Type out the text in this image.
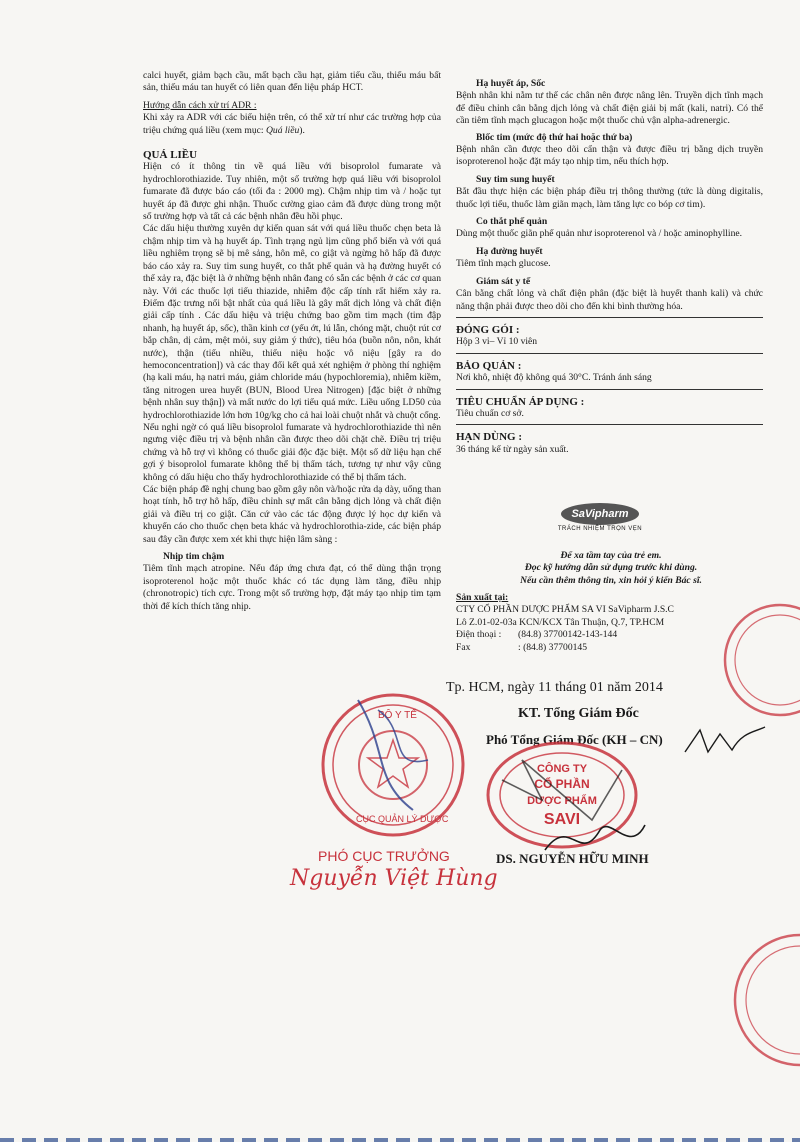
calci huyết, giảm bạch cầu, mất bạch cầu hạt, giảm tiểu cầu, thiếu máu bất sản, thiếu máu tan huyết có liên quan đến liệu pháp HCT.

Hướng dẫn cách xử trí ADR :

Khi xảy ra ADR với các biểu hiện trên, có thể xử trí như các trường hợp của triệu chứng quá liều (xem mục: Quá liều).

QUÁ LIỀU

Hiện có ít thông tin về quá liều với bisoprolol fumarate và hydrochlorothiazide. Tuy nhiên, một số trường hợp quá liều với bisoprolol fumarate đã được báo cáo (tối đa : 2000 mg). Chậm nhịp tim và / hoặc tụt huyết áp đã được ghi nhận. Thuốc cường giao cảm đã được dùng trong một số trường hợp và tất cả các bệnh nhân đều hồi phục.

Các dấu hiệu thường xuyên dự kiến quan sát với quá liều thuốc chẹn beta là chậm nhịp tim và hạ huyết áp. Tình trạng ngủ lịm cũng phổ biến và với quá liều nghiêm trọng sẽ bị mê sảng, hôn mê, co giật và ngừng hô hấp đã được báo cáo xảy ra. Suy tim sung huyết, co thắt phế quản và hạ đường huyết có thể xảy ra, đặc biệt là ở những bệnh nhân đang có sẵn các bệnh ở các cơ quan này. Với các thuốc lợi tiểu thiazide, nhiễm độc cấp tính rất hiếm xảy ra. Điểm đặc trưng nổi bật nhất của quá liều là gây mất dịch lỏng và chất điện giải cấp tính . Các dấu hiệu và triệu chứng bao gồm tim mạch (tim đập nhanh, hạ huyết áp, sốc), thần kinh cơ (yếu ớt, lú lẫn, chóng mặt, chuột rút cơ bắp chân, dị cảm, mệt mỏi, suy giảm ý thức), tiêu hóa (buồn nôn, nôn, khát nước), thận (tiểu nhiều, thiểu niệu hoặc vô niệu [gây ra do hemoconcentration]) và các thay đổi kết quả xét nghiệm ở phòng thí nghiệm (hạ kali máu, hạ natri máu, giảm chloride máu (hypochloremia), nhiễm kiềm, tăng nitrogen urea huyết (BUN, Blood Urea Nitrogen) [đặc biệt ở những bệnh nhân suy thận]) và mất nước do lợi tiểu quá mức. Liều uống LD50 của hydrochlorothiazide lớn hơn 10g/kg cho cả hai loài chuột nhắt và chuột cống.

Nếu nghi ngờ có quá liều bisoprolol fumarate và hydrochlorothiazide thì nên ngưng việc điều trị và bệnh nhân cần được theo dõi chặt chẽ. Điều trị triệu chứng và hỗ trợ vì không có thuốc giải độc đặc biệt. Một số dữ liệu hạn chế gợi ý bisoprolol fumarate không thể bị thẩm tách, tương tự như vậy cũng không có dấu hiệu cho thấy hydrochlorothiazide có thể bị thẩm tách.

Các biện pháp đề nghị chung bao gồm gây nôn và/hoặc rửa dạ dày, uống than hoạt tính, hỗ trợ hô hấp, điều chỉnh sự mất cân bằng dịch lỏng và chất điện giải và điều trị co giật. Căn cứ vào các tác động được lý học dự kiến và khuyến cáo cho thuốc chẹn beta khác và hydrochlorothia-zide, các biện pháp sau đây cần được xem xét khi thực hiện lâm sàng :

Nhịp tim chậm

Tiêm tĩnh mạch atropine. Nếu đáp ứng chưa đạt, có thể dùng thận trọng isoproterenol hoặc một thuốc khác có tác dụng làm tăng, điều nhịp (chronotropic) tích cực. Trong một số trường hợp, đặt máy tạo nhịp tim tạm thời để kích thích tăng nhịp.

Hạ huyết áp, Sốc

Bệnh nhân khi nằm tư thế các chân nên được nâng lên. Truyền dịch tĩnh mạch để điều chỉnh cân bằng dịch lỏng và chất điện giải bị mất (kali, natri). Có thể cần tiêm tĩnh mạch glucagon hoặc một thuốc chủ vận alpha-adrenergic.

Blốc tim (mức độ thứ hai hoặc thứ ba)

Bệnh nhân cần được theo dõi cẩn thận và được điều trị bằng dịch truyền isoproterenol hoặc đặt máy tạo nhịp tim, nếu thích hợp.

Suy tim sung huyết

Bắt đầu thực hiện các biện pháp điều trị thông thường (tức là dùng digitalis, thuốc lợi tiểu, thuốc làm giãn mạch, làm tăng lực co bóp cơ tim).

Co thắt phế quản

Dùng một thuốc giãn phế quản như isoproterenol và / hoặc aminophylline.

Hạ đường huyết

Tiêm tĩnh mạch glucose.

Giám sát y tế

Cân bằng chất lỏng và chất điện phân (đặc biệt là huyết thanh kali) và chức năng thận phải được theo dõi cho đến khi bình thường hóa.

ĐÓNG GÓI :

Hộp 3 vỉ– Vỉ 10 viên

BẢO QUẢN :

Nơi khô, nhiệt độ không quá 30°C. Tránh ánh sáng

TIÊU CHUẨN ÁP DỤNG :

Tiêu chuẩn cơ sở.

HẠN DÙNG :

36 tháng kể từ ngày sản xuất.

SaVipharm
TRÁCH NHIỆM TRỌN VẸN

Để xa tầm tay của trẻ em.

Đọc kỹ hướng dẫn sử dụng trước khi dùng.

Nếu cần thêm thông tin, xin hỏi ý kiến Bác sĩ.

Sản xuất tại:

CTY CỔ PHẦN DƯỢC PHẨM SA VI SaVipharm J.S.C

Lô Z.01-02-03a KCN/KCX Tân Thuận, Q.7, TP.HCM

Điện thoại :	(84.8) 37700142-143-144
Fax	: (84.8) 37700145
Tp. HCM, ngày 11 tháng 01 năm 2014
KT. Tổng Giám Đốc
Phó Tổng Giám Đốc (KH – CN)
DS. NGUYỄN HỮU MINH
PHÓ CỤC TRƯỞNG
Nguyễn Việt Hùng
BỘ Y TẾ
CỤC QUẢN LÝ DƯỢC
CÔNG TY
CỔ PHẦN
DƯỢC PHẨM
SAVI
